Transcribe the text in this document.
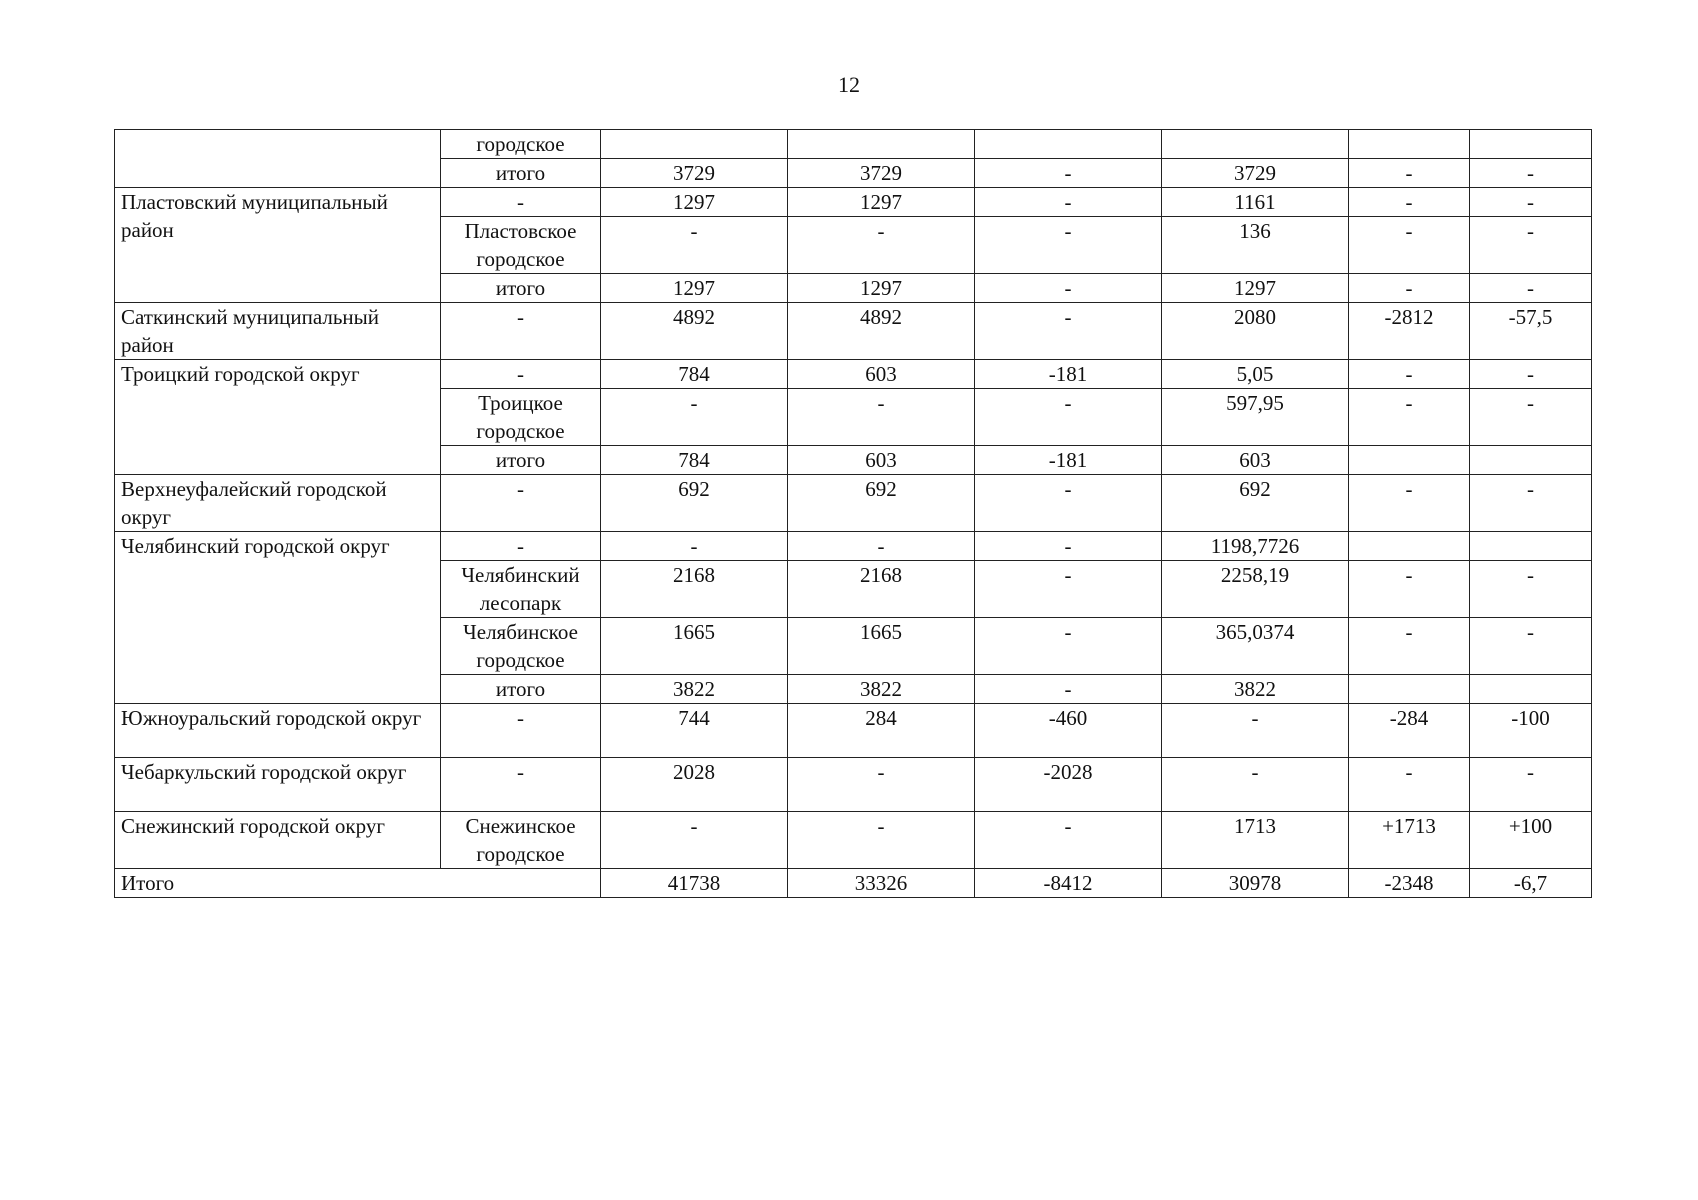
12
	городское						
	итого	3729	3729	-	3729	-	-
Пластовский муниципальный район	-	1297	1297	-	1161	-	-
	Пластовское городское	-	-	-	136	-	-
	итого	1297	1297	-	1297	-	-
Саткинский муниципальный район	-	4892	4892	-	2080	-2812	-57,5
Троицкий городской округ	-	784	603	-181	5,05	-	-
	Троицкое городское	-	-	-	597,95	-	-
	итого	784	603	-181	603		
Верхнеуфалейский городской округ	-	692	692	-	692	-	-
Челябинский городской округ	-	-	-	-	1198,7726		
	Челябинский лесопарк	2168	2168	-	2258,19	-	-
	Челябинское городское	1665	1665	-	365,0374	-	-
	итого	3822	3822	-	3822		
Южноуральский городской округ	-	744	284	-460	-	-284	-100
Чебаркульский городской округ	-	2028	-	-2028	-	-	-
Снежинский городской округ	Снежинское городское	-	-	-	1713	+1713	+100
Итого		41738	33326	-8412	30978	-2348	-6,7
